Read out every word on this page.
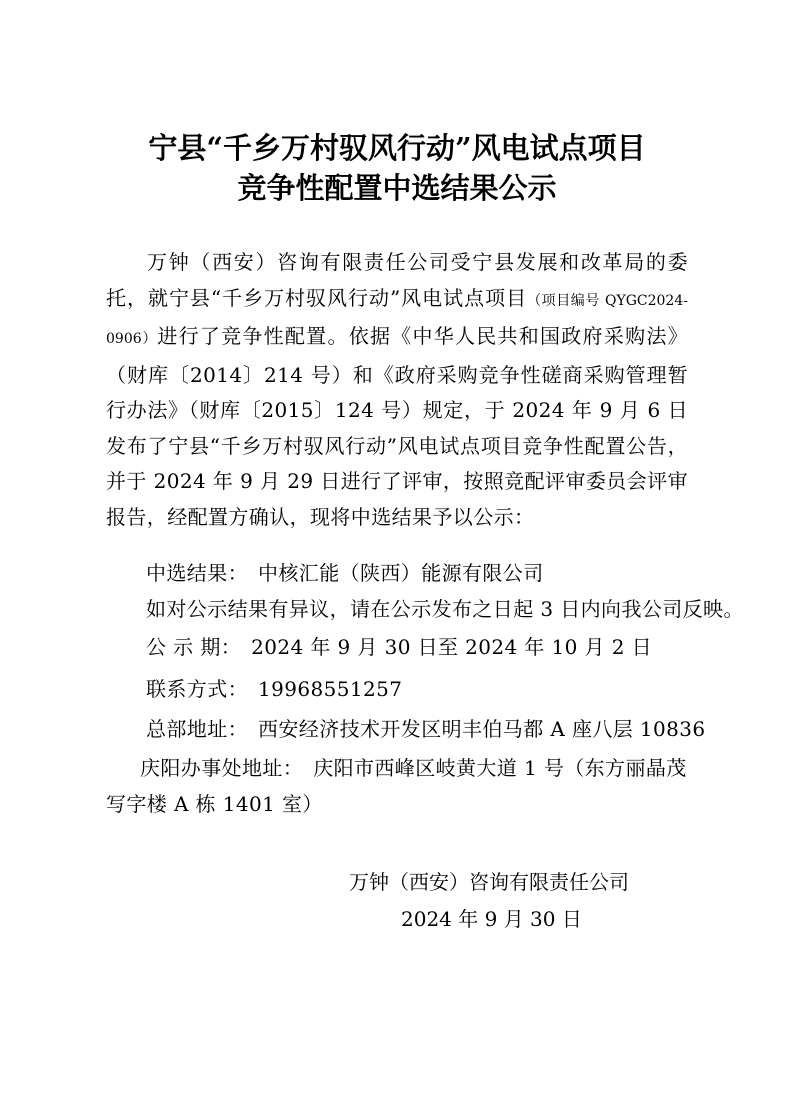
宁县“千乡万村驭风行动”风电试点项目
竞争性配置中选结果公示
万钟（西安）咨询有限责任公司受宁县发展和改革局的委托，就宁县“千乡万村驭风行动”风电试点项目（项目编号 QYGC2024-0906）进行了竞争性配置。依据《中华人民共和国政府采购法》（财库〔2014〕214 号）和《政府采购竞争性磋商采购管理暂行办法》（财库〔2015〕124 号）规定，于 2024 年 9 月 6 日发布了宁县“千乡万村驭风行动”风电试点项目竞争性配置公告，并于 2024 年 9 月 29 日进行了评审，按照竞配评审委员会评审报告，经配置方确认，现将中选结果予以公示：
中选结果： 中核汇能（陕西）能源有限公司
如对公示结果有异议，请在公示发布之日起 3 日内向我公司反映。
公 示 期： 2024 年 9 月 30 日至 2024 年 10 月 2 日
联系方式： 19968551257
总部地址： 西安经济技术开发区明丰伯马都 A 座八层 10836
庆阳办事处地址： 庆阳市西峰区岐黄大道 1 号（东方丽晶茂写字楼 A 栋 1401 室）
万钟（西安）咨询有限责任公司
2024 年 9 月 30 日
